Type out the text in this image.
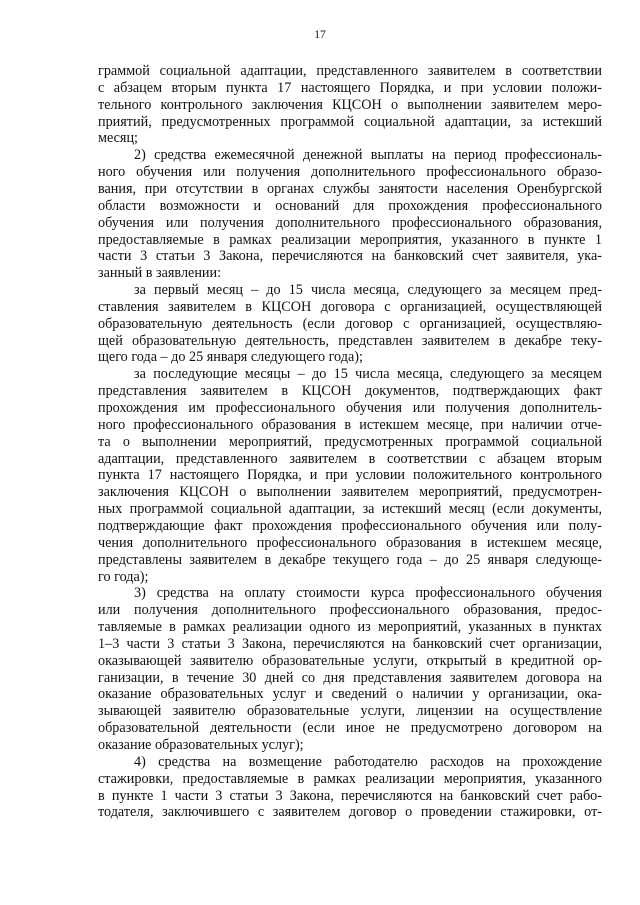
17
граммой социальной адаптации, представленного заявителем в соответствии
с абзацем вторым пункта 17 настоящего Порядка, и при условии положи-
тельного контрольного заключения КЦСОН о выполнении заявителем меро-
приятий, предусмотренных программой социальной адаптации, за истекший
месяц;
2) средства ежемесячной денежной выплаты на период профессиональ-
ного обучения или получения дополнительного профессионального образо-
вания, при отсутствии в органах службы занятости населения Оренбургской
области возможности и оснований для прохождения профессионального
обучения или получения дополнительного профессионального образования,
предоставляемые в рамках реализации мероприятия, указанного в пункте 1
части 3 статьи 3 Закона, перечисляются на банковский счет заявителя, ука-
занный в заявлении:
за первый месяц – до 15 числа месяца, следующего за месяцем пред-
ставления заявителем в КЦСОН договора с организацией, осуществляющей
образовательную деятельность (если договор с организацией, осуществляю-
щей образовательную деятельность, представлен заявителем в декабре теку-
щего года – до 25 января следующего года);
за последующие месяцы – до 15 числа месяца, следующего за месяцем
представления заявителем в КЦСОН документов, подтверждающих факт
прохождения им профессионального обучения или получения дополнитель-
ного профессионального образования в истекшем месяце, при наличии отче-
та о выполнении мероприятий, предусмотренных программой социальной
адаптации, представленного заявителем в соответствии с абзацем вторым
пункта 17 настоящего Порядка, и при условии положительного контрольного
заключения КЦСОН о выполнении заявителем мероприятий, предусмотрен-
ных программой социальной адаптации, за истекший месяц (если документы,
подтверждающие факт прохождения профессионального обучения или полу-
чения дополнительного профессионального образования в истекшем месяце,
представлены заявителем в декабре текущего года – до 25 января следующе-
го года);
3) средства на оплату стоимости курса профессионального обучения
или получения дополнительного профессионального образования, предос-
тавляемые в рамках реализации одного из мероприятий, указанных в пунктах
1–3 части 3 статьи 3 Закона, перечисляются на банковский счет организации,
оказывающей заявителю образовательные услуги, открытый в кредитной ор-
ганизации, в течение 30 дней со дня представления заявителем договора на
оказание образовательных услуг и сведений о наличии у организации, ока-
зывающей заявителю образовательные услуги, лицензии на осуществление
образовательной деятельности (если иное не предусмотрено договором на
оказание образовательных услуг);
4) средства на возмещение работодателю расходов на прохождение
стажировки, предоставляемые в рамках реализации мероприятия, указанного
в пункте 1 части 3 статьи 3 Закона, перечисляются на банковский счет рабо-
тодателя, заключившего с заявителем договор о проведении стажировки, от-
